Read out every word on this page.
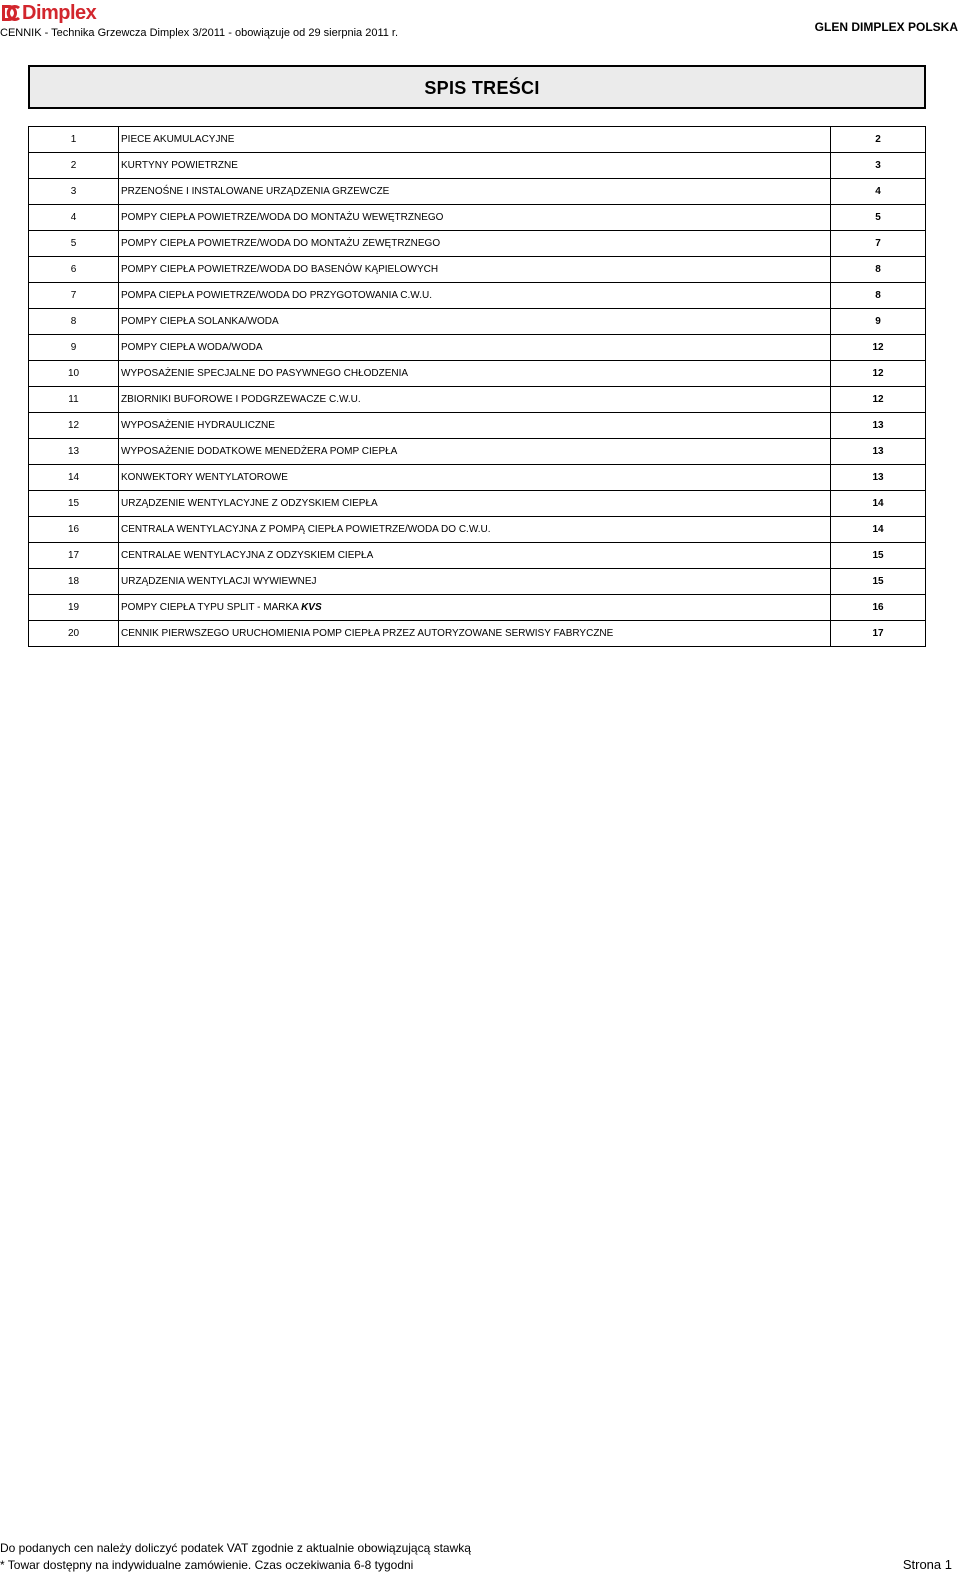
Dimplex
CENNIK - Technika Grzewcza Dimplex 3/2011 - obowiązuje od 29 sierpnia 2011 r.	GLEN DIMPLEX POLSKA
SPIS TREŚCI
1	PIECE AKUMULACYJNE	2
2	KURTYNY POWIETRZNE	3
3	PRZENOŚNE I INSTALOWANE URZĄDZENIA GRZEWCZE	4
4	POMPY CIEPŁA POWIETRZE/WODA DO MONTAŻU WEWĘTRZNEGO	5
5	POMPY CIEPŁA POWIETRZE/WODA DO MONTAŻU ZEWĘTRZNEGO	7
6	POMPY CIEPŁA POWIETRZE/WODA DO BASENÓW KĄPIELOWYCH	8
7	POMPA CIEPŁA POWIETRZE/WODA DO PRZYGOTOWANIA C.W.U.	8
8	POMPY CIEPŁA SOLANKA/WODA	9
9	POMPY CIEPŁA WODA/WODA	12
10	WYPOSAŻENIE SPECJALNE DO PASYWNEGO CHŁODZENIA	12
11	ZBIORNIKI BUFOROWE I PODGRZEWACZE C.W.U.	12
12	WYPOSAŻENIE HYDRAULICZNE	13
13	WYPOSAŻENIE DODATKOWE MENEDŻERA POMP CIEPŁA	13
14	KONWEKTORY WENTYLATOROWE	13
15	URZĄDZENIE WENTYLACYJNE Z ODZYSKIEM CIEPŁA	14
16	CENTRALA WENTYLACYJNA Z POMPĄ CIEPŁA POWIETRZE/WODA DO C.W.U.	14
17	CENTRALAE WENTYLACYJNA Z ODZYSKIEM CIEPŁA	15
18	URZĄDZENIA WENTYLACJI WYWIEWNEJ	15
19	POMPY CIEPŁA TYPU SPLIT - MARKA KVS	16
20	CENNIK PIERWSZEGO URUCHOMIENIA POMP CIEPŁA PRZEZ AUTORYZOWANE SERWISY FABRYCZNE	17
Do podanych cen należy doliczyć podatek VAT zgodnie z aktualnie obowiązującą stawką
* Towar dostępny na indywidualne zamówienie. Czas oczekiwania 6-8 tygodni	Strona 1
